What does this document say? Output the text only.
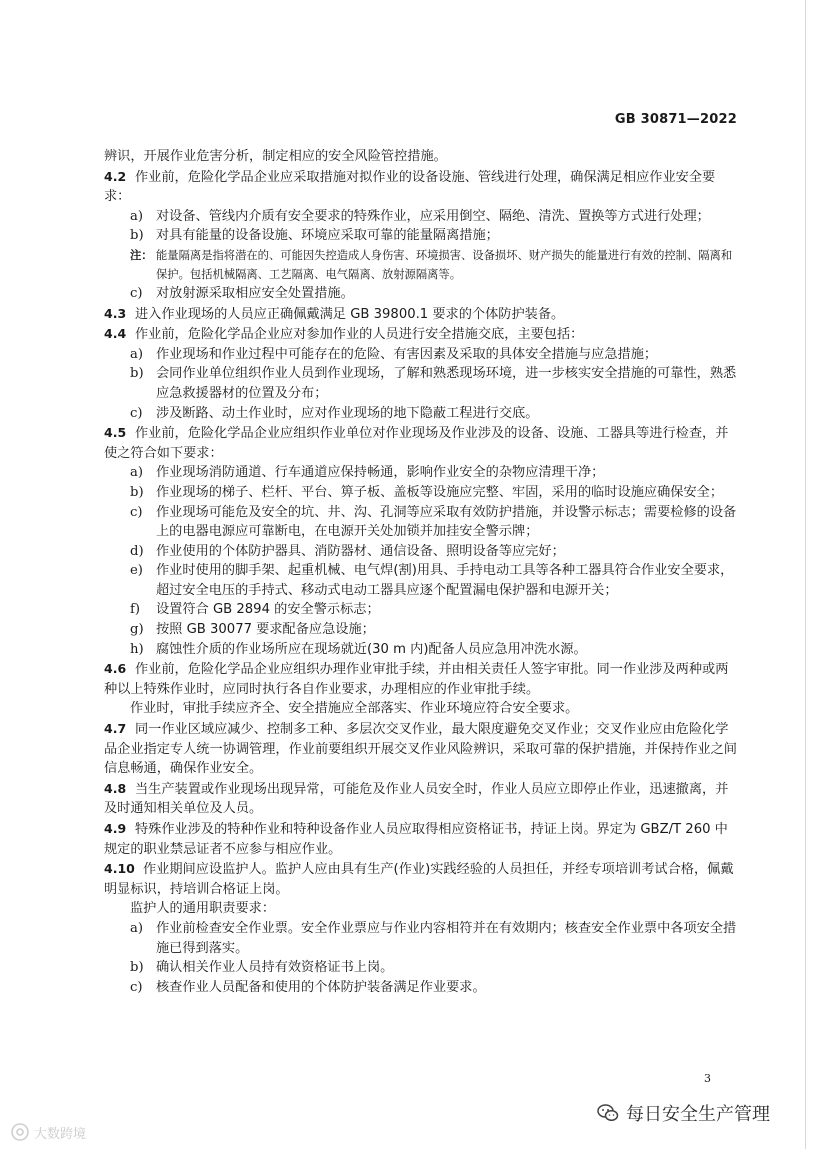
GB 30871—2022

辨识，开展作业危害分析，制定相应的安全风险管控措施。

4.2 作业前，危险化学品企业应采取措施对拟作业的设备设施、管线进行处理，确保满足相应作业安全要求：

a) 对设备、管线内介质有安全要求的特殊作业，应采用倒空、隔绝、清洗、置换等方式进行处理；
b) 对具有能量的设备设施、环境应采取可靠的能量隔离措施；
注： 能量隔离是指将潜在的、可能因失控造成人身伤害、环境损害、设备损坏、财产损失的能量进行有效的控制、隔离和保护。包括机械隔离、工艺隔离、电气隔离、放射源隔离等。
c)	对放射源采取相应安全处置措施。

4.3 进入作业现场的人员应正确佩戴满足 GB 39800.1 要求的个体防护装备。

4.4 作业前，危险化学品企业应对参加作业的人员进行安全措施交底，主要包括：

a) 作业现场和作业过程中可能存在的危险、有害因素及采取的具体安全措施与应急措施；
b) 会同作业单位组织作业人员到作业现场，了解和熟悉现场环境，进一步核实安全措施的可靠性，熟悉应急救援器材的位置及分布；
c)	涉及断路、动土作业时，应对作业现场的地下隐蔽工程进行交底。

4.5 作业前，危险化学品企业应组织作业单位对作业现场及作业涉及的设备、设施、工器具等进行检查，并使之符合如下要求：

a) 作业现场消防通道、行车通道应保持畅通，影响作业安全的杂物应清理干净；
b) 作业现场的梯子、栏杆、平台、箅子板、盖板等设施应完整、牢固，采用的临时设施应确保安全；
c)	作业现场可能危及安全的坑、井、沟、孔洞等应采取有效防护措施，并设警示标志；需要检修的设备上的电器电源应可靠断电，在电源开关处加锁并加挂安全警示牌；
d) 作业使用的个体防护器具、消防器材、通信设备、照明设备等应完好；
e) 作业时使用的脚手架、起重机械、电气焊(割)用具、手持电动工具等各种工器具符合作业安全要求，超过安全电压的手持式、移动式电动工器具应逐个配置漏电保护器和电源开关；
f)	设置符合 GB 2894 的安全警示标志；
g) 按照 GB 30077 要求配备应急设施；
h) 腐蚀性介质的作业场所应在现场就近(30 m 内)配备人员应急用冲洗水源。

4.6 作业前，危险化学品企业应组织办理作业审批手续，并由相关责任人签字审批。同一作业涉及两种或两种以上特殊作业时，应同时执行各自作业要求，办理相应的作业审批手续。

作业时，审批手续应齐全、安全措施应全部落实、作业环境应符合安全要求。

4.7 同一作业区域应减少、控制多工种、多层次交叉作业，最大限度避免交叉作业；交叉作业应由危险化学品企业指定专人统一协调管理，作业前要组织开展交叉作业风险辨识，采取可靠的保护措施，并保持作业之间信息畅通，确保作业安全。

4.8 当生产装置或作业现场出现异常，可能危及作业人员安全时，作业人员应立即停止作业，迅速撤离，并及时通知相关单位及人员。

4.9 特殊作业涉及的特种作业和特种设备作业人员应取得相应资格证书，持证上岗。界定为 GBZ/T 260 中规定的职业禁忌证者不应参与相应作业。

4.10 作业期间应设监护人。监护人应由具有生产(作业)实践经验的人员担任，并经专项培训考试合格，佩戴明显标识，持培训合格证上岗。

监护人的通用职责要求：

a) 作业前检查安全作业票。安全作业票应与作业内容相符并在有效期内；核查安全作业票中各项安全措施已得到落实。
b) 确认相关作业人员持有效资格证书上岗。
c)	核查作业人员配备和使用的个体防护装备满足作业要求。
3
每日安全生产管理
大数跨境
